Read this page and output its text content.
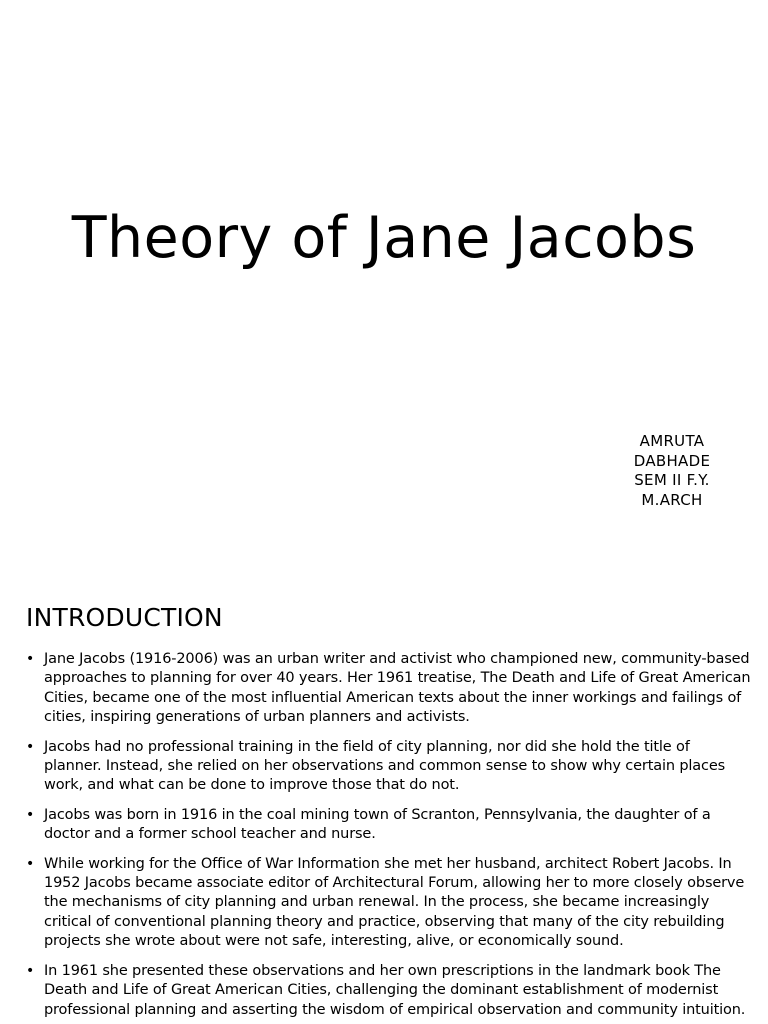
Theory of Jane Jacobs
AMRUTA
DABHADE
SEM II F.Y.
M.ARCH
INTRODUCTION
• Jane Jacobs (1916-2006) was an urban writer and activist who championed new, community-based approaches to planning for over 40 years. Her 1961 treatise, The Death and Life of Great American Cities, became one of the most influential American texts about the inner workings and failings of cities, inspiring generations of urban planners and activists.
• Jacobs had no professional training in the field of city planning, nor did she hold the title of planner. Instead, she relied on her observations and common sense to show why certain places work, and what can be done to improve those that do not.
• Jacobs was born in 1916 in the coal mining town of Scranton, Pennsylvania, the daughter of a doctor and a former school teacher and nurse.
• While working for the Office of War Information she met her husband, architect Robert Jacobs. In 1952 Jacobs became associate editor of Architectural Forum, allowing her to more closely observe the mechanisms of city planning and urban renewal. In the process, she became increasingly critical of conventional planning theory and practice, observing that many of the city rebuilding projects she wrote about were not safe, interesting, alive, or economically sound.
• In 1961 she presented these observations and her own prescriptions in the landmark book The Death and Life of Great American Cities, challenging the dominant establishment of modernist professional planning and asserting the wisdom of empirical observation and community intuition.
